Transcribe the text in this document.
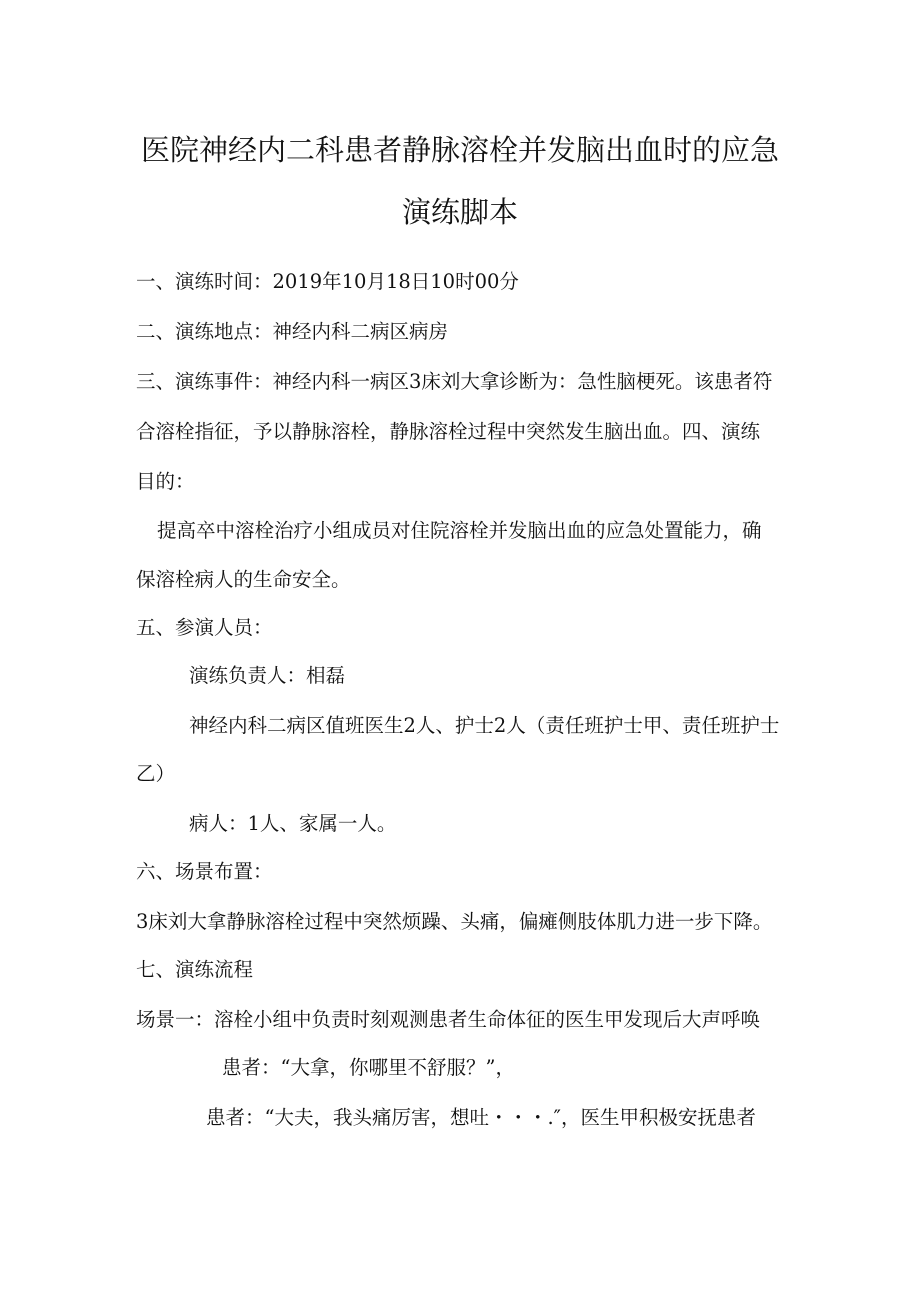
医院神经内二科患者静脉溶栓并发脑出血时的应急
演练脚本
一、演练时间：2019年10月18日10时00分
二、演练地点：神经内科二病区病房
三、演练事件：神经内科一病区3床刘大拿诊断为：急性脑梗死。该患者符
合溶栓指征，予以静脉溶栓，静脉溶栓过程中突然发生脑出血。四、演练
目的：
提高卒中溶栓治疗小组成员对住院溶栓并发脑出血的应急处置能力，确
保溶栓病人的生命安全。
五、参演人员：
演练负责人：相磊
神经内科二病区值班医生2人、护士2人（责任班护士甲、责任班护士
乙）
病人：1人、家属一人。
六、场景布置：
3床刘大拿静脉溶栓过程中突然烦躁、头痛，偏瘫侧肢体肌力进一步下降。
七、演练流程
场景一：溶栓小组中负责时刻观测患者生命体征的医生甲发现后大声呼唤
患者：“大拿，你哪里不舒服？”，
患者：“大夫，我头痛厉害，想吐・・・.″，医生甲积极安抚患者
